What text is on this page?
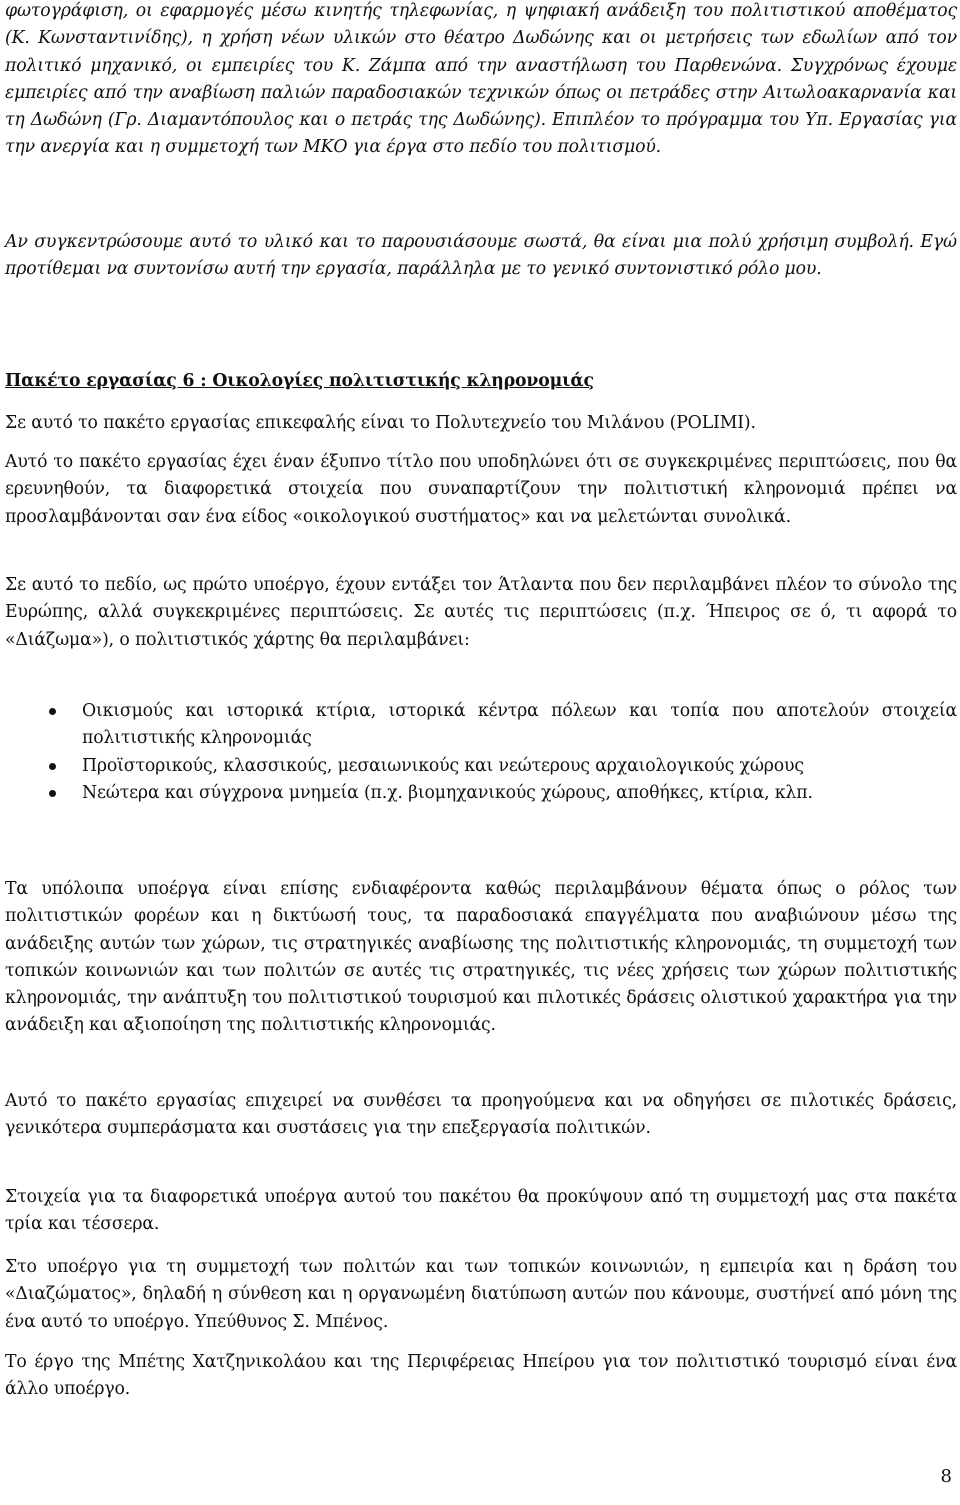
φωτογράφιση, οι εφαρμογές μέσω κινητής τηλεφωνίας, η ψηφιακή ανάδειξη του πολιτιστικού αποθέματος (Κ. Κωνσταντινίδης), η χρήση νέων υλικών στο θέατρο Δωδώνης και οι μετρήσεις των εδωλίων από τον πολιτικό μηχανικό, οι εμπειρίες του Κ. Ζάμπα από την αναστήλωση του Παρθενώνα. Συγχρόνως έχουμε εμπειρίες από την αναβίωση παλιών παραδοσιακών τεχνικών όπως οι πετράδες στην Αιτωλοακαρνανία και τη Δωδώνη (Γρ. Διαμαντόπουλος και ο πετράς της Δωδώνης). Επιπλέον το πρόγραμμα του Υπ. Εργασίας για την ανεργία και η συμμετοχή των ΜΚΟ για έργα στο πεδίο του πολιτισμού.

Αν συγκεντρώσουμε αυτό το υλικό και το παρουσιάσουμε σωστά, θα είναι μια πολύ χρήσιμη συμβολή. Εγώ προτίθεμαι να συντονίσω αυτή την εργασία, παράλληλα με το γενικό συντονιστικό ρόλο μου.

Πακέτο εργασίας 6 : Οικολογίες πολιτιστικής κληρονομιάς

Σε αυτό το πακέτο εργασίας επικεφαλής είναι το Πολυτεχνείο του Μιλάνου (POLIMI).

Αυτό το πακέτο εργασίας έχει έναν έξυπνο τίτλο που υποδηλώνει ότι σε συγκεκριμένες περιπτώσεις, που θα ερευνηθούν, τα διαφορετικά στοιχεία που συναπαρτίζουν την πολιτιστική κληρονομιά πρέπει να προσλαμβάνονται σαν ένα είδος «οικολογικού συστήματος» και να μελετώνται συνολικά.

Σε αυτό το πεδίο, ως πρώτο υποέργο, έχουν εντάξει τον Άτλαντα που δεν περιλαμβάνει πλέον το σύνολο της Ευρώπης, αλλά συγκεκριμένες περιπτώσεις. Σε αυτές τις περιπτώσεις (π.χ. Ήπειρος σε ό, τι αφορά το «Διάζωμα»), ο πολιτιστικός χάρτης θα περιλαμβάνει:

Οικισμούς και ιστορικά κτίρια, ιστορικά κέντρα πόλεων και τοπία που αποτελούν στοιχεία πολιτιστικής κληρονομιάς
Προϊστορικούς, κλασσικούς, μεσαιωνικούς και νεώτερους αρχαιολογικούς χώρους
Νεώτερα και σύγχρονα μνημεία (π.χ. βιομηχανικούς χώρους, αποθήκες, κτίρια, κλπ.

Τα υπόλοιπα υποέργα είναι επίσης ενδιαφέροντα καθώς περιλαμβάνουν θέματα όπως ο ρόλος των πολιτιστικών φορέων και η δικτύωσή τους, τα παραδοσιακά επαγγέλματα που αναβιώνουν μέσω της ανάδειξης αυτών των χώρων, τις στρατηγικές αναβίωσης της πολιτιστικής κληρονομιάς, τη συμμετοχή των τοπικών κοινωνιών και των πολιτών σε αυτές τις στρατηγικές, τις νέες χρήσεις των χώρων πολιτιστικής κληρονομιάς, την ανάπτυξη του πολιτιστικού τουρισμού και πιλοτικές δράσεις ολιστικού χαρακτήρα για την ανάδειξη και αξιοποίηση της πολιτιστικής κληρονομιάς.

Αυτό το πακέτο εργασίας επιχειρεί να συνθέσει τα προηγούμενα και να οδηγήσει σε πιλοτικές δράσεις, γενικότερα συμπεράσματα και συστάσεις για την επεξεργασία πολιτικών.

Στοιχεία για τα διαφορετικά υποέργα αυτού του πακέτου θα προκύψουν από τη συμμετοχή μας στα πακέτα τρία και τέσσερα.

Στο υποέργο για τη συμμετοχή των πολιτών και των τοπικών κοινωνιών, η εμπειρία και η δράση του «Διαζώματος», δηλαδή η σύνθεση και η οργανωμένη διατύπωση αυτών που κάνουμε, συστήνεί από μόνη της ένα αυτό το υποέργο. Υπεύθυνος Σ. Μπένος.

Το έργο της Μπέτης Χατζηνικολάου και της Περιφέρειας Ηπείρου για τον πολιτιστικό τουρισμό είναι ένα άλλο υποέργο.

8
